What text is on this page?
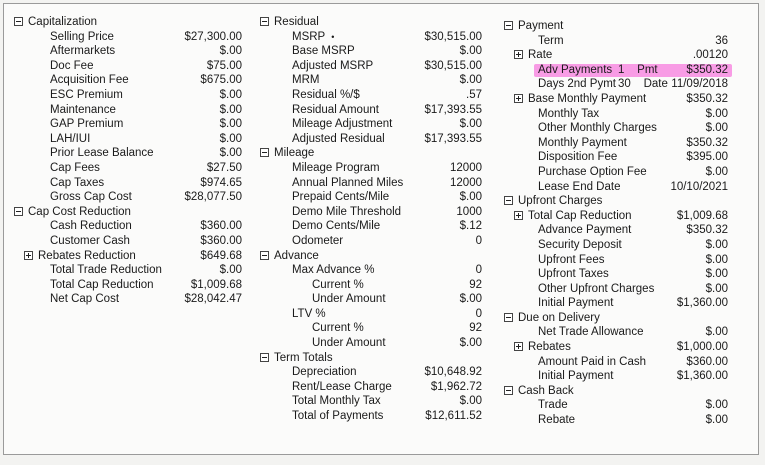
Capitalization
Selling Price	$27,300.00
Aftermarkets	$.00
Doc Fee	$75.00
Acquisition Fee	$675.00
ESC Premium	$.00
Maintenance	$.00
GAP Premium	$.00
LAH/IUI	$.00
Prior Lease Balance	$.00
Cap Fees	$27.50
Cap Taxes	$974.65
Gross Cap Cost	$28,077.50
Cap Cost Reduction
Cash Reduction	$360.00
Customer Cash	$360.00
Rebates Reduction	$649.68
Total Trade Reduction	$.00
Total Cap Reduction	$1,009.68
Net Cap Cost	$28,042.47
Residual
MSRP •	$30,515.00
Base MSRP	$.00
Adjusted MSRP	$30,515.00
MRM	$.00
Residual %/$	.57
Residual Amount	$17,393.55
Mileage Adjustment	$.00
Adjusted Residual	$17,393.55
Mileage
Mileage Program	12000
Annual Planned Miles	12000
Prepaid Cents/Mile	$.00
Demo Mile Threshold	1000
Demo Cents/Mile	$.12
Odometer	0
Advance
Max Advance %	0
Current %	92
Under Amount	$.00
LTV %	0
Current %	92
Under Amount	$.00
Term Totals
Depreciation	$10,648.92
Rent/Lease Charge	$1,962.72
Total Monthly Tax	$.00
Total of Payments	$12,611.52
Payment
Term	36
Rate	.00120
Adv Payments 1    Pmt	$350.32
Days 2nd Pymt 30    Date 11/09/2018
Base Monthly Payment	$350.32
Monthly Tax	$.00
Other Monthly Charges	$.00
Monthly Payment	$350.32
Disposition Fee	$395.00
Purchase Option Fee	$.00
Lease End Date	10/10/2021
Upfront Charges
Total Cap Reduction	$1,009.68
Advance Payment	$350.32
Security Deposit	$.00
Upfront Fees	$.00
Upfront Taxes	$.00
Other Upfront Charges	$.00
Initial Payment	$1,360.00
Due on Delivery
Net Trade Allowance	$.00
Rebates	$1,000.00
Amount Paid in Cash	$360.00
Initial Payment	$1,360.00
Cash Back
Trade	$.00
Rebate	$.00
